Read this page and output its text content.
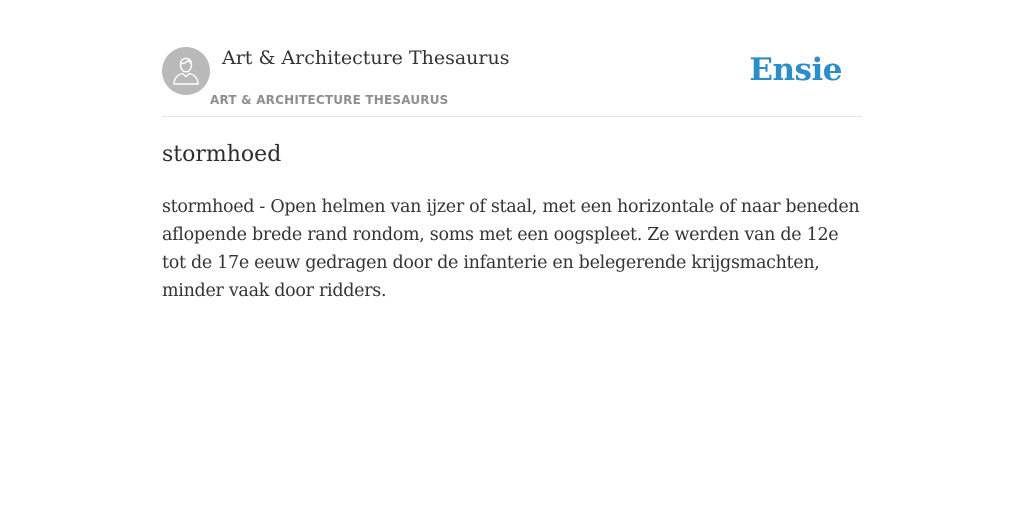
Art & Architecture Thesaurus
ART & ARCHITECTURE THESAURUS
Ensie
stormhoed
stormhoed - Open helmen van ijzer of staal, met een horizontale of naar beneden aflopende brede rand rondom, soms met een oogspleet. Ze werden van de 12e tot de 17e eeuw gedragen door de infanterie en belegerende krijgsmachten, minder vaak door ridders.
